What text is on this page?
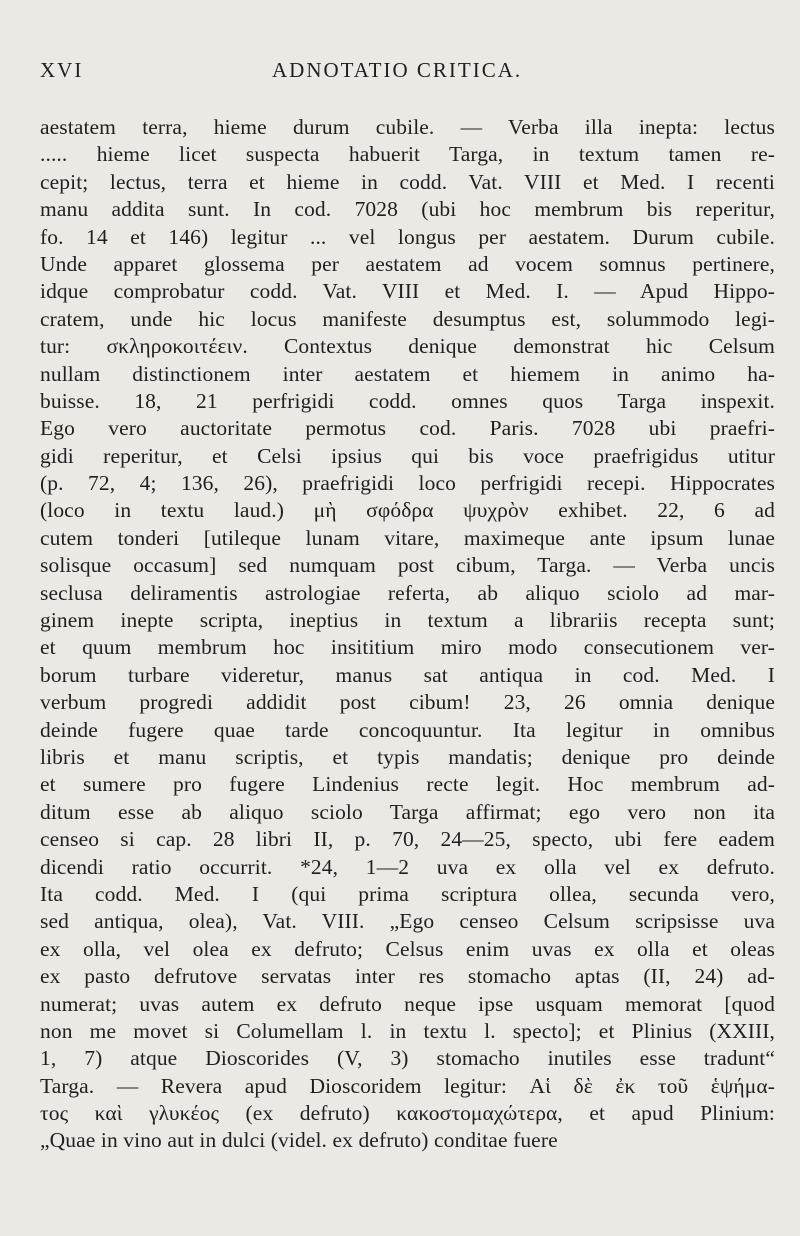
XVI	ADNOTATIO CRITICA.
aestatem terra, hieme durum cubile. — Verba illa inepta: lectus
..... hieme licet suspecta habuerit Targa, in textum tamen re-
cepit; lectus, terra et hieme in codd. Vat. VIII et Med. I recenti
manu addita sunt. In cod. 7028 (ubi hoc membrum bis reperitur,
fo. 14 et 146) legitur ... vel longus per aestatem. Durum cubile.
Unde apparet glossema per aestatem ad vocem somnus pertinere,
idque comprobatur codd. Vat. VIII et Med. I. — Apud Hippo-
cratem, unde hic locus manifeste desumptus est, solummodo legi-
tur: σκληροκοιτέειν. Contextus denique demonstrat hic Celsum
nullam distinctionem inter aestatem et hiemem in animo ha-
buisse. 18, 21 perfrigidi codd. omnes quos Targa inspexit.
Ego vero auctoritate permotus cod. Paris. 7028 ubi praefri-
gidi reperitur, et Celsi ipsius qui bis voce praefrigidus utitur
(p. 72, 4; 136, 26), praefrigidi loco perfrigidi recepi. Hippocrates
(loco in textu laud.) μὴ σφόδρα ψυχρὸν exhibet. 22, 6 ad
cutem tonderi [utileque lunam vitare, maximeque ante ipsum lunae
solisque occasum] sed numquam post cibum, Targa. — Verba uncis
seclusa deliramentis astrologiae referta, ab aliquo sciolo ad mar-
ginem inepte scripta, ineptius in textum a librariis recepta sunt;
et quum membrum hoc insititium miro modo consecutionem ver-
borum turbare videretur, manus sat antiqua in cod. Med. I
verbum progredi addidit post cibum! 23, 26 omnia denique
deinde fugere quae tarde concoquuntur. Ita legitur in omnibus
libris et manu scriptis, et typis mandatis; denique pro deinde
et sumere pro fugere Lindenius recte legit. Hoc membrum ad-
ditum esse ab aliquo sciolo Targa affirmat; ego vero non ita
censeo si cap. 28 libri II, p. 70, 24—25, specto, ubi fere eadem
dicendi ratio occurrit. *24, 1—2 uva ex olla vel ex defruto.
Ita codd. Med. I (qui prima scriptura ollea, secunda vero,
sed antiqua, olea), Vat. VIII. „Ego censeo Celsum scripsisse uva
ex olla, vel olea ex defruto; Celsus enim uvas ex olla et oleas
ex pasto defrutove servatas inter res stomacho aptas (II, 24) ad-
numerat; uvas autem ex defruto neque ipse usquam memorat [quod
non me movet si Columellam l. in textu l. specto]; et Plinius (XXIII,
1, 7) atque Dioscorides (V, 3) stomacho inutiles esse tradunt“
Targa. — Revera apud Dioscoridem legitur: Αἱ δὲ ἐκ τοῦ ἑψήμα-
τος καὶ γλυκέος (ex defruto) κακοστομαχώτερα, et apud Plinium:
„Quae in vino aut in dulci (videl. ex defruto) conditae fuere
